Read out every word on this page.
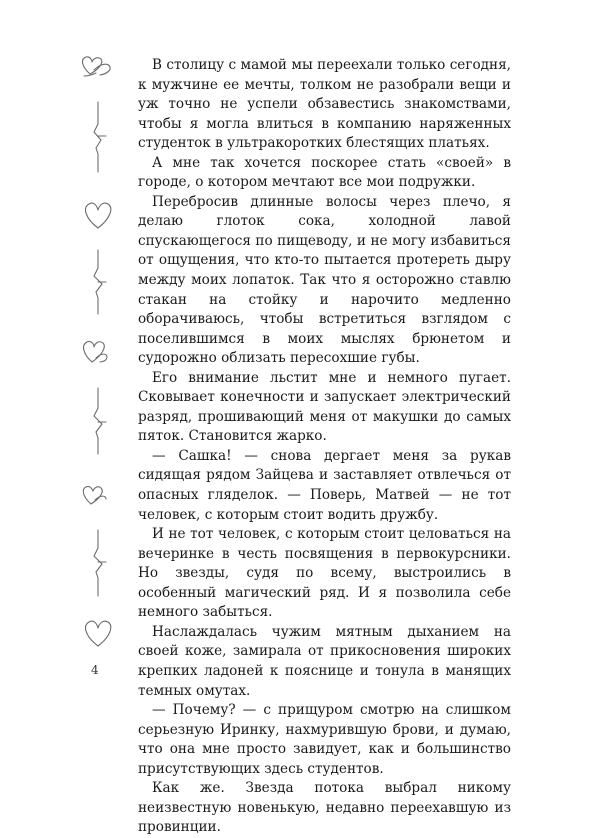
В столицу с мамой мы переехали только сегодня, к мужчине ее мечты, толком не разобрали вещи и уж точно не успели обзавестись знакомствами, чтобы я могла влиться в компанию наряженных студенток в ультракоротких блестящих платьях.

А мне так хочется поскорее стать «своей» в городе, о котором мечтают все мои подружки.

Перебросив длинные волосы через плечо, я делаю глоток сока, холодной лавой спускающегося по пищеводу, и не могу избавиться от ощущения, что кто-то пытается протереть дыру между моих лопаток. Так что я осторожно ставлю стакан на стойку и нарочито медленно оборачиваюсь, чтобы встретиться взглядом с поселившимся в моих мыслях брюнетом и судорожно облизать пересохшие губы.

Его внимание льстит мне и немного пугает. Сковывает конечности и запускает электрический разряд, прошивающий меня от макушки до самых пяток. Становится жарко.

— Сашка! — снова дергает меня за рукав сидящая рядом Зайцева и заставляет отвлечься от опасных гляделок. — Поверь, Матвей — не тот человек, с которым стоит водить дружбу.

И не тот человек, с которым стоит целоваться на вечеринке в честь посвящения в первокурсники. Но звезды, судя по всему, выстроились в особенный магический ряд. И я позволила себе немного забыться.

Наслаждалась чужим мятным дыханием на своей коже, замирала от прикосновения широких крепких ладоней к пояснице и тонула в манящих темных омутах.

— Почему? — с прищуром смотрю на слишком серьезную Иринку, нахмурившую брови, и думаю, что она мне просто завидует, как и большинство присутствующих здесь студентов.

Как же. Звезда потока выбрал никому неизвестную новенькую, недавно переехавшую из провинции.

4
